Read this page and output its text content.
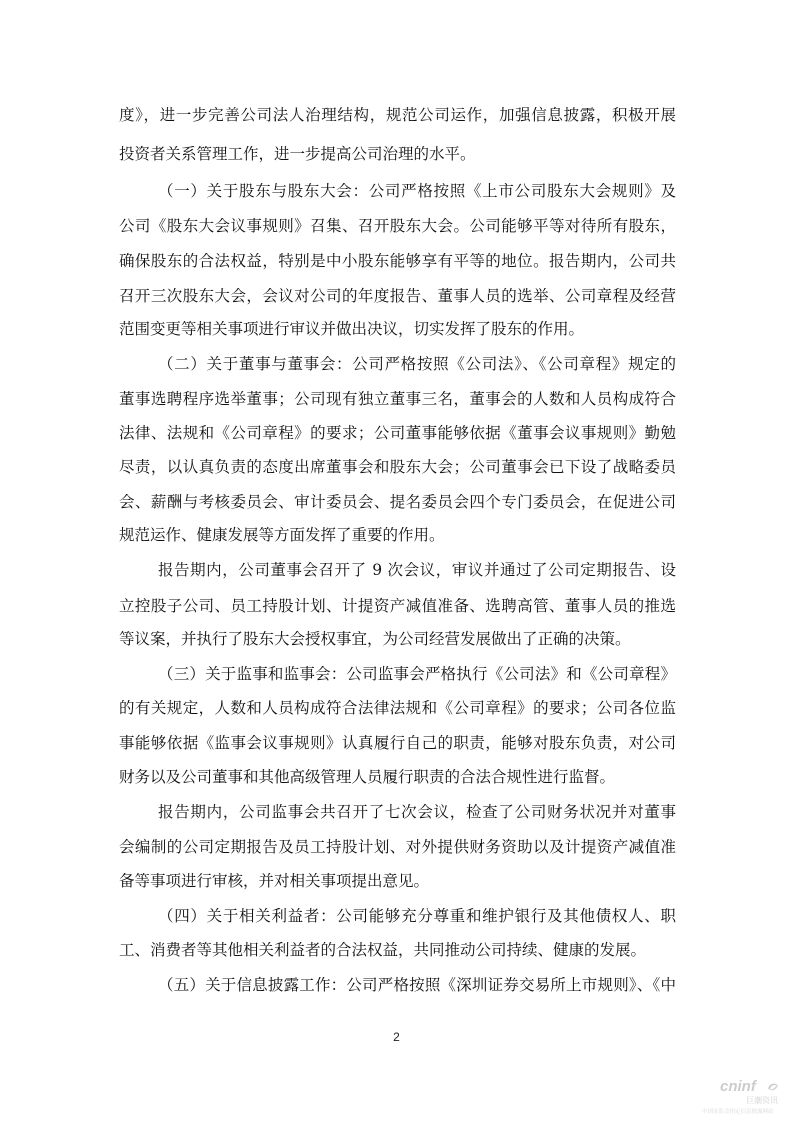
度》，进一步完善公司法人治理结构，规范公司运作，加强信息披露，积极开展

投资者关系管理工作，进一步提高公司治理的水平。

（一）关于股东与股东大会：公司严格按照《上市公司股东大会规则》及

公司《股东大会议事规则》召集、召开股东大会。公司能够平等对待所有股东，

确保股东的合法权益，特别是中小股东能够享有平等的地位。报告期内，公司共

召开三次股东大会，会议对公司的年度报告、董事人员的选举、公司章程及经营

范围变更等相关事项进行审议并做出决议，切实发挥了股东的作用。

（二）关于董事与董事会：公司严格按照《公司法》、《公司章程》规定的

董事选聘程序选举董事；公司现有独立董事三名，董事会的人数和人员构成符合

法律、法规和《公司章程》的要求；公司董事能够依据《董事会议事规则》勤勉

尽责，以认真负责的态度出席董事会和股东大会；公司董事会已下设了战略委员

会、薪酬与考核委员会、审计委员会、提名委员会四个专门委员会，在促进公司

规范运作、健康发展等方面发挥了重要的作用。

报告期内，公司董事会召开了 9 次会议，审议并通过了公司定期报告、设

立控股子公司、员工持股计划、计提资产减值准备、选聘高管、董事人员的推选

等议案，并执行了股东大会授权事宜，为公司经营发展做出了正确的决策。

（三）关于监事和监事会：公司监事会严格执行《公司法》和《公司章程》

的有关规定，人数和人员构成符合法律法规和《公司章程》的要求；公司各位监

事能够依据《监事会议事规则》认真履行自己的职责，能够对股东负责，对公司

财务以及公司董事和其他高级管理人员履行职责的合法合规性进行监督。

报告期内，公司监事会共召开了七次会议，检查了公司财务状况并对董事

会编制的公司定期报告及员工持股计划、对外提供财务资助以及计提资产减值准

备等事项进行审核，并对相关事项提出意见。

（四）关于相关利益者：公司能够充分尊重和维护银行及其他债权人、职

工、消费者等其他相关利益者的合法权益，共同推动公司持续、健康的发展。

（五）关于信息披露工作：公司严格按照《深圳证券交易所上市规则》、《中

2
cninf
巨潮资讯
中国证监会指定信息披露网站
